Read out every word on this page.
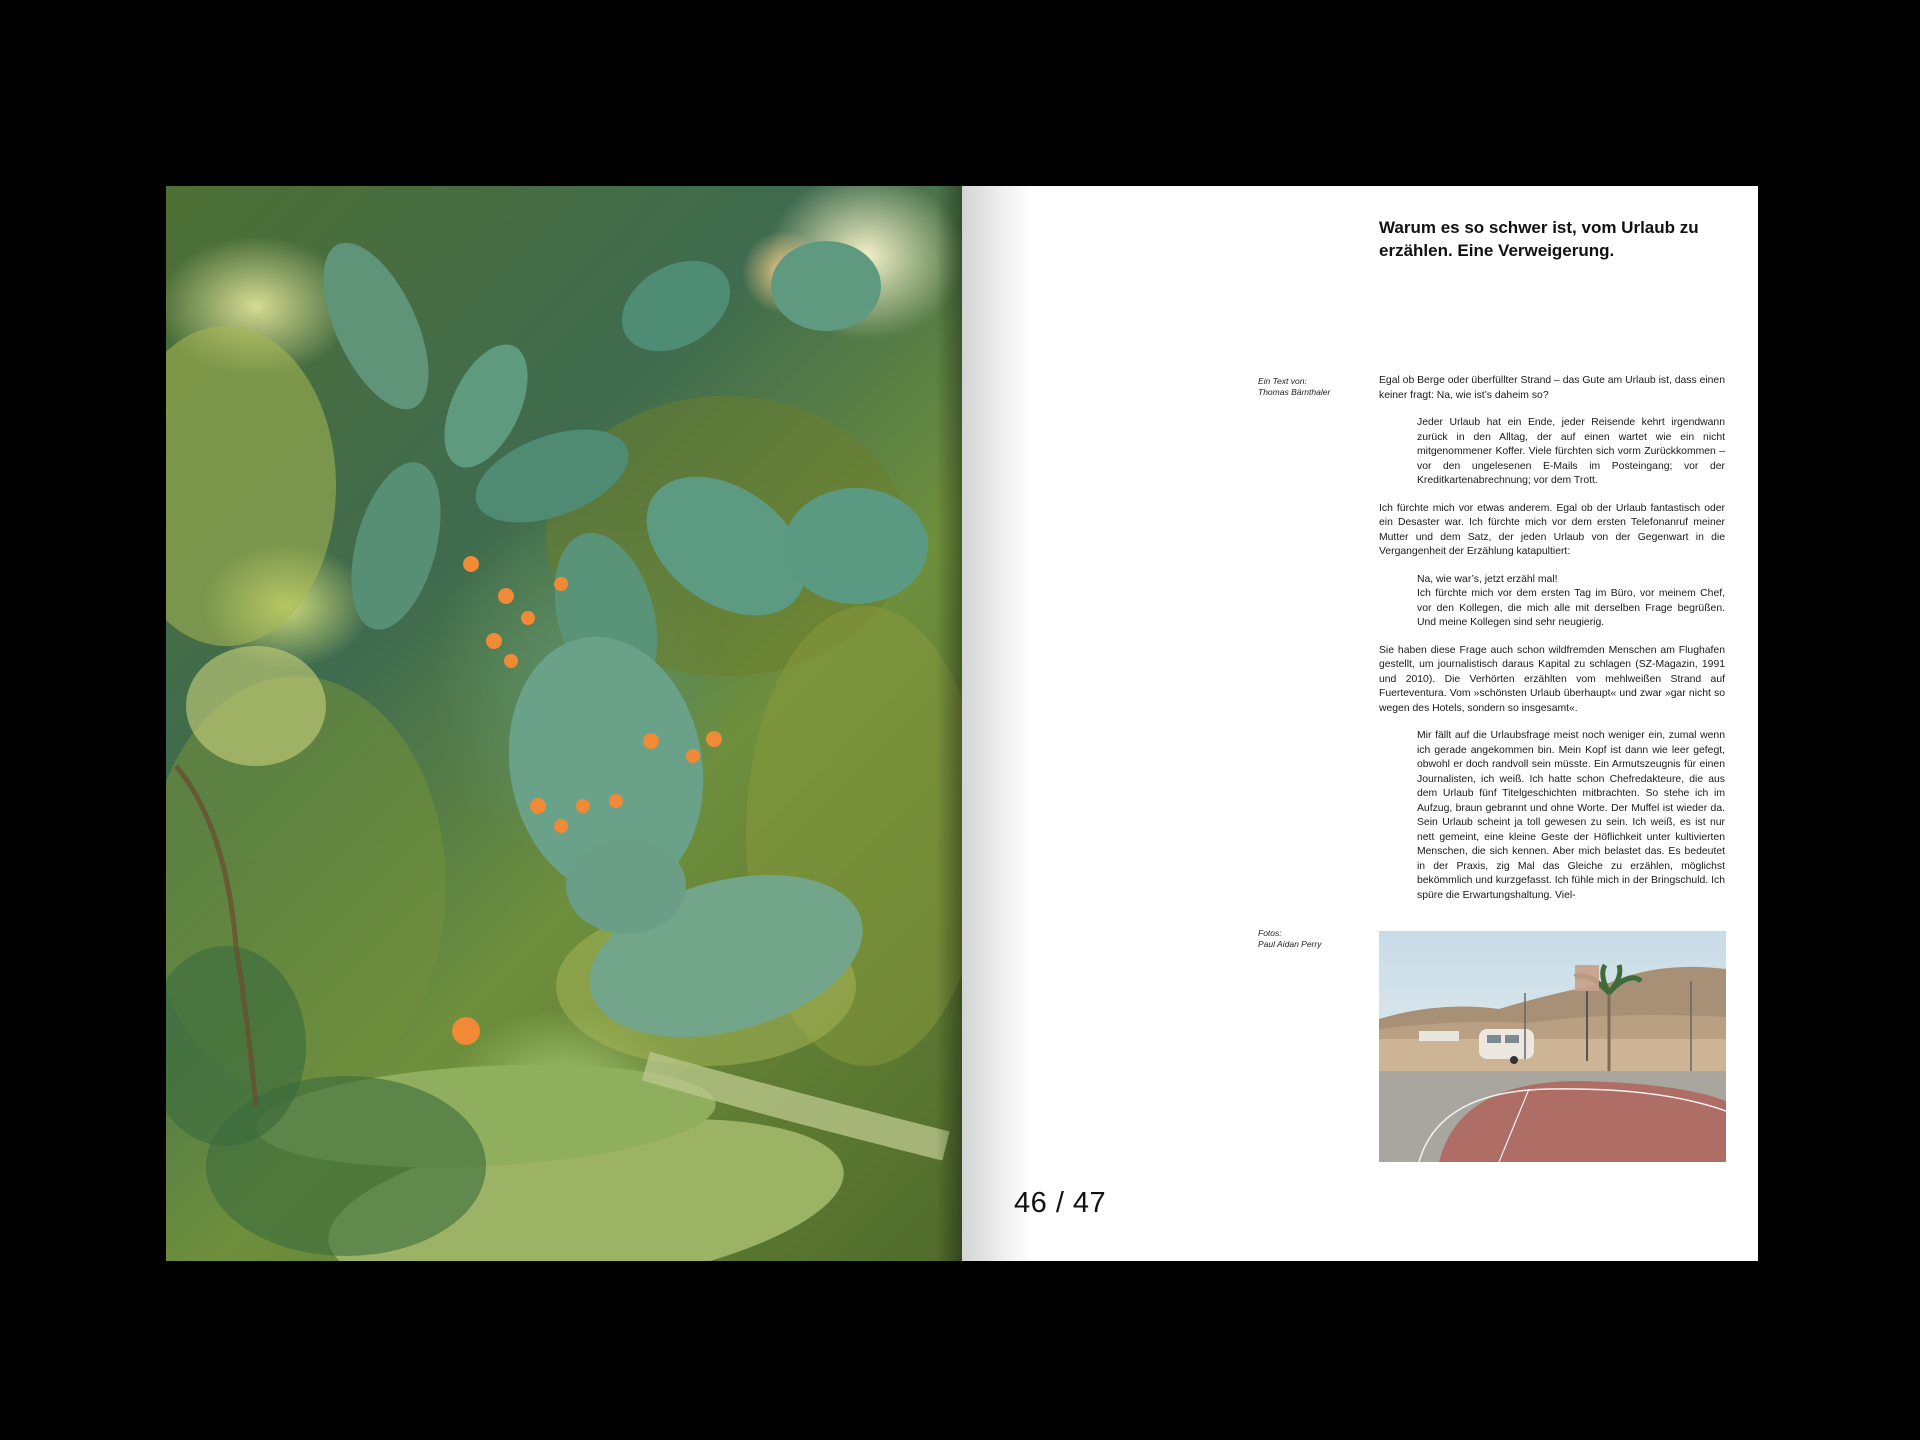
Warum es so schwer ist, vom Urlaub zu erzählen. Eine Verweigerung.
Ein Text von:
Thomas Bärnthaler

Egal ob Berge oder überfüllter Strand – das Gute am Urlaub ist, dass einen keiner fragt: Na, wie ist’s daheim so?

Jeder Urlaub hat ein Ende, jeder Reisende kehrt irgendwann zurück in den Alltag, der auf einen wartet wie ein nicht mitgenommener Koffer. Viele fürchten sich vorm Zurückkommen – vor den ungelesenen E-Mails im Posteingang; vor der Kreditkartenabrechnung; vor dem Trott.

Ich fürchte mich vor etwas anderem. Egal ob der Urlaub fantastisch oder ein Desaster war. Ich fürchte mich vor dem ersten Telefonanruf meiner Mutter und dem Satz, der jeden Urlaub von der Gegenwart in die Vergangenheit der Erzählung katapultiert:

Na, wie war’s, jetzt erzähl mal!
Ich fürchte mich vor dem ersten Tag im Büro, vor meinem Chef, vor den Kollegen, die mich alle mit derselben Frage begrüßen. Und meine Kollegen sind sehr neugierig.

Sie haben diese Frage auch schon wildfremden Menschen am Flughafen gestellt, um journalistisch daraus Kapital zu schlagen (SZ-Magazin, 1991 und 2010). Die Verhörten erzählten vom mehlweißen Strand auf Fuerteventura. Vom »schönsten Urlaub überhaupt« und zwar »gar nicht so wegen des Hotels, sondern so insgesamt«.

Mir fällt auf die Urlaubsfrage meist noch weniger ein, zumal wenn ich gerade angekommen bin. Mein Kopf ist dann wie leer gefegt, obwohl er doch randvoll sein müsste. Ein Armutszeugnis für einen Journalisten, ich weiß. Ich hatte schon Chefredakteure, die aus dem Urlaub fünf Titelgeschichten mitbrachten. So stehe ich im Aufzug, braun gebrannt und ohne Worte. Der Muffel ist wieder da. Sein Urlaub scheint ja toll gewesen zu sein. Ich weiß, es ist nur nett gemeint, eine kleine Geste der Höflichkeit unter kultivierten Menschen, die sich kennen. Aber mich belastet das. Es bedeutet in der Praxis, zig Mal das Gleiche zu erzählen, möglichst bekömmlich und kurzgefasst. Ich fühle mich in der Bringschuld. Ich spüre die Erwartungshaltung. Viel-

Fotos:
Paul Aidan Perry
46 / 47
